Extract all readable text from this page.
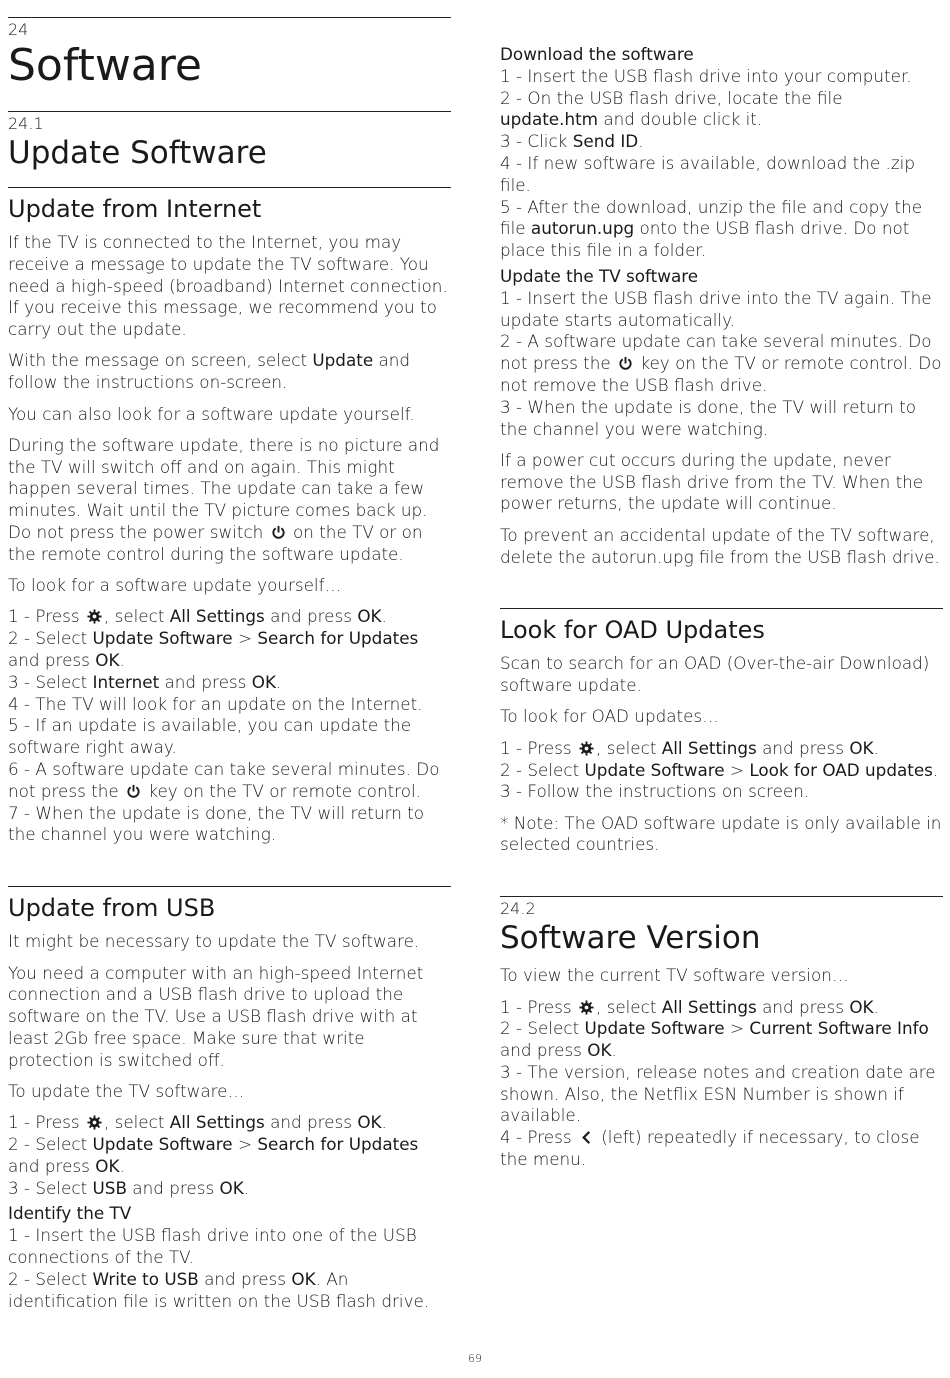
24
Software
24.1
Update Software
Update from Internet

If the TV is connected to the Internet, you may receive a message to update the TV software. You need a high-speed (broadband) Internet connection. If you receive this message, we recommend you to carry out the update.

With the message on screen, select Update and follow the instructions on-screen.

You can also look for a software update yourself.

During the software update, there is no picture and the TV will switch off and on again. This might happen several times. The update can take a few minutes. Wait until the TV picture comes back up. Do not press the power switch  on the TV or on the remote control during the software update.

To look for a software update yourself…

1 - Press , select All Settings and press OK.

2 - Select Update Software > Search for Updates and press OK.

3 - Select Internet and press OK.

4 - The TV will look for an update on the Internet.

5 - If an update is available, you can update the software right away.

6 - A software update can take several minutes. Do not press the  key on the TV or remote control.

7 - When the update is done, the TV will return to the channel you were watching.

Update from USB

It might be necessary to update the TV software.

You need a computer with an high-speed Internet connection and a USB flash drive to upload the software on the TV. Use a USB flash drive with at least 2Gb free space. Make sure that write protection is switched off.

To update the TV software…

1 - Press , select All Settings and press OK.

2 - Select Update Software > Search for Updates and press OK.

3 - Select USB and press OK.

Identify the TV

1 - Insert the USB flash drive into one of the USB connections of the TV.

2 - Select Write to USB and press OK. An identification file is written on the USB flash drive.

Download the software

1 - Insert the USB flash drive into your computer.

2 - On the USB flash drive, locate the file update.htm and double click it.

3 - Click Send ID.

4 - If new software is available, download the .zip file.

5 - After the download, unzip the file and copy the file autorun.upg onto the USB flash drive. Do not place this file in a folder.

Update the TV software

1 - Insert the USB flash drive into the TV again. The update starts automatically.

2 - A software update can take several minutes. Do not press the  key on the TV or remote control. Do not remove the USB flash drive.

3 - When the update is done, the TV will return to the channel you were watching.

If a power cut occurs during the update, never remove the USB flash drive from the TV. When the power returns, the update will continue.

To prevent an accidental update of the TV software, delete the autorun.upg file from the USB flash drive.

Look for OAD Updates

Scan to search for an OAD (Over-the-air Download) software update.

To look for OAD updates…

1 - Press , select All Settings and press OK.

2 - Select Update Software > Look for OAD updates.

3 - Follow the instructions on screen.

* Note: The OAD software update is only available in selected countries.

24.2
Software Version

To view the current TV software version…

1 - Press , select All Settings and press OK.

2 - Select Update Software > Current Software Info and press OK.

3 - The version, release notes and creation date are shown. Also, the Netflix ESN Number is shown if available.

4 - Press  (left) repeatedly if necessary, to close the menu.

69
